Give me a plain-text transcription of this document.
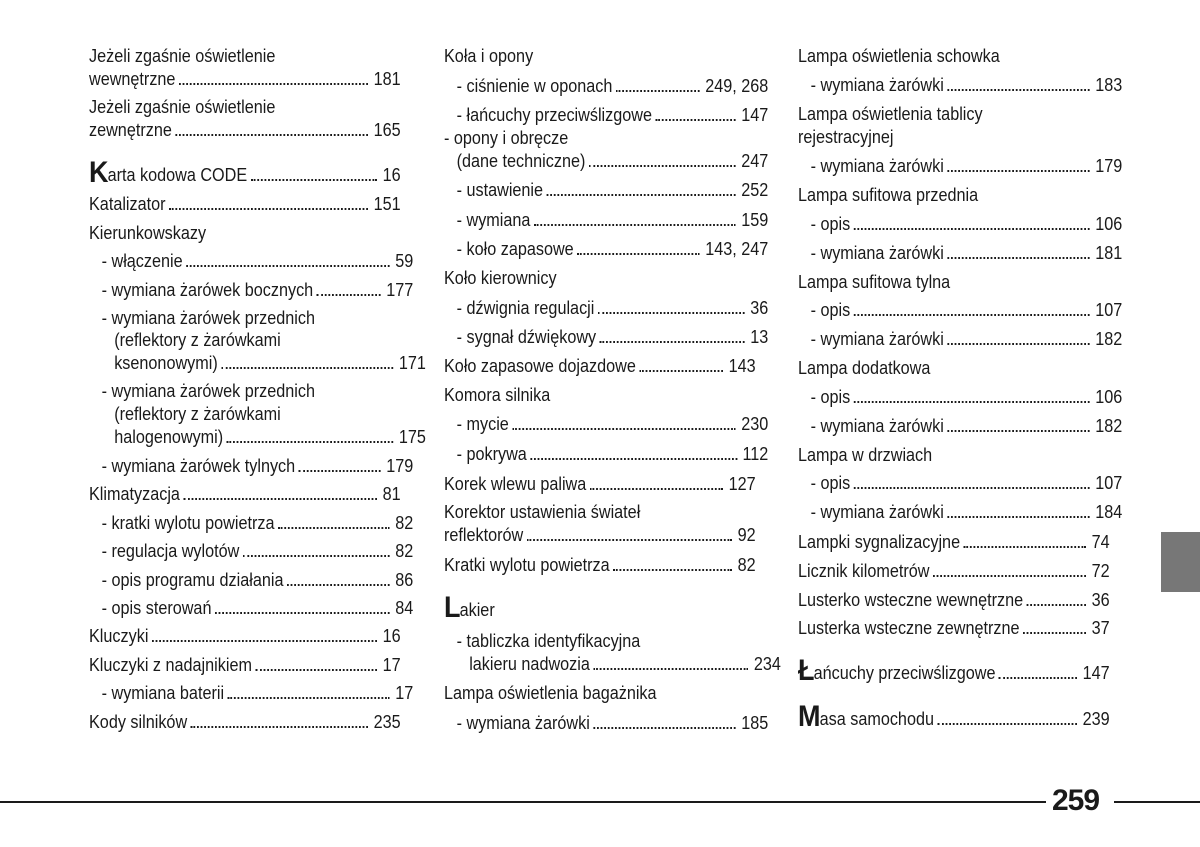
Jeżeli zgaśnie oświetlenie
wewnętrzne	181
Jeżeli zgaśnie oświetlenie
zewnętrzne	165
K arta kodowa CODE	16
Katalizator	151
Kierunkowskazy
- włączenie	59
- wymiana żarówek bocznych	177
- wymiana żarówek przednich
(reflektory z żarówkami
ksenonowymi)	171
- wymiana żarówek przednich
(reflektory z żarówkami
halogenowymi)	175
- wymiana żarówek tylnych	179
Klimatyzacja	81
- kratki wylotu powietrza	82
- regulacja wylotów	82
- opis programu działania	86
- opis sterowań	84
Kluczyki	16
Kluczyki z nadajnikiem	17
- wymiana baterii	17
Kody silników	235
Koła i opony
- ciśnienie w oponach	249, 268
- łańcuchy przeciwślizgowe	147
- opony i obręcze
(dane techniczne)	247
- ustawienie	252
- wymiana	159
- koło zapasowe	143, 247
Koło kierownicy
- dźwignia regulacji	36
- sygnał dźwiękowy	13
Koło zapasowe dojazdowe	143
Komora silnika
- mycie	230
- pokrywa	112
Korek wlewu paliwa	127
Korektor ustawienia świateł
reflektorów	92
Kratki wylotu powietrza	82
L akier
- tabliczka identyfikacyjna
lakieru nadwozia	234
Lampa oświetlenia bagażnika
- wymiana żarówki	185
Lampa oświetlenia schowka
- wymiana żarówki	183
Lampa oświetlenia tablicy
rejestracyjnej
- wymiana żarówki	179
Lampa sufitowa przednia
- opis	106
- wymiana żarówki	181
Lampa sufitowa tylna
- opis	107
- wymiana żarówki	182
Lampa dodatkowa
- opis	106
- wymiana żarówki	182
Lampa w drzwiach
- opis	107
- wymiana żarówki	184
Lampki sygnalizacyjne	74
Licznik kilometrów	72
Lusterko wsteczne wewnętrzne	36
Lusterka wsteczne zewnętrzne	37
Ł ańcuchy przeciwślizgowe	147
M asa samochodu	239
259
